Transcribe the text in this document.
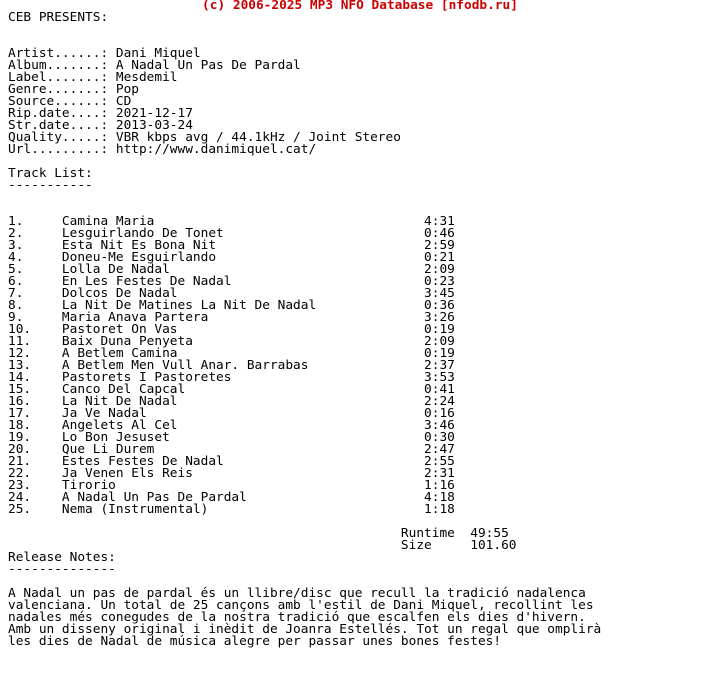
(c) 2006-2025 MP3 NFO Database [nfodb.ru]
CEB PRESENTS:
Artist......: Dani Miquel
Album.......: A Nadal Un Pas De Pardal
Label.......: Mesdemil
Genre.......: Pop
Source......: CD
Rip.date....: 2021-12-17
Str.date....: 2013-03-24
Quality.....: VBR kbps avg / 44.1kHz / Joint Stereo
Url.........: http://www.danimiquel.cat/
Track List:
-----------
1.     Camina Maria                                   4:31
2.     Lesguirlando De Tonet                          0:46
3.     Esta Nit Es Bona Nit                           2:59
4.     Doneu-Me Esguirlando                           0:21
5.     Lolla De Nadal                                 2:09
6.     En Les Festes De Nadal                         0:23
7.     Dolcos De Nadal                                3:45
8.     La Nit De Matines La Nit De Nadal              0:36
9.     Maria Anava Partera                            3:26
10.    Pastoret On Vas                                0:19
11.    Baix Duna Penyeta                              2:09
12.    A Betlem Camina                                0:19
13.    A Betlem Men Vull Anar. Barrabas               2:37
14.    Pastorets I Pastoretes                         3:53
15.    Canco Del Capcal                               0:41
16.    La Nit De Nadal                                2:24
17.    Ja Ve Nadal                                    0:16
18.    Angelets Al Cel                                3:46
19.    Lo Bon Jesuset                                 0:30
20.    Que Li Durem                                   2:47
21.    Estes Festes De Nadal                          2:55
22.    Ja Venen Els Reis                              2:31
23.    Tirorio                                        1:16
24.    A Nadal Un Pas De Pardal                       4:18
25.    Nema (Instrumental)                            1:18
Runtime  49:55
Size     101.60
Release Notes:
--------------
A Nadal un pas de pardal és un llibre/disc que recull la tradició nadalenca
valenciana. Un total de 25 cançons amb l'estil de Dani Miquel, recollint les
nadales més conegudes de la nostra tradició que escalfen els dies d'hivern.
Amb un disseny original i inèdit de Joanra Estellés. Tot un regal que omplirà
les dies de Nadal de música alegre per passar unes bones festes!
